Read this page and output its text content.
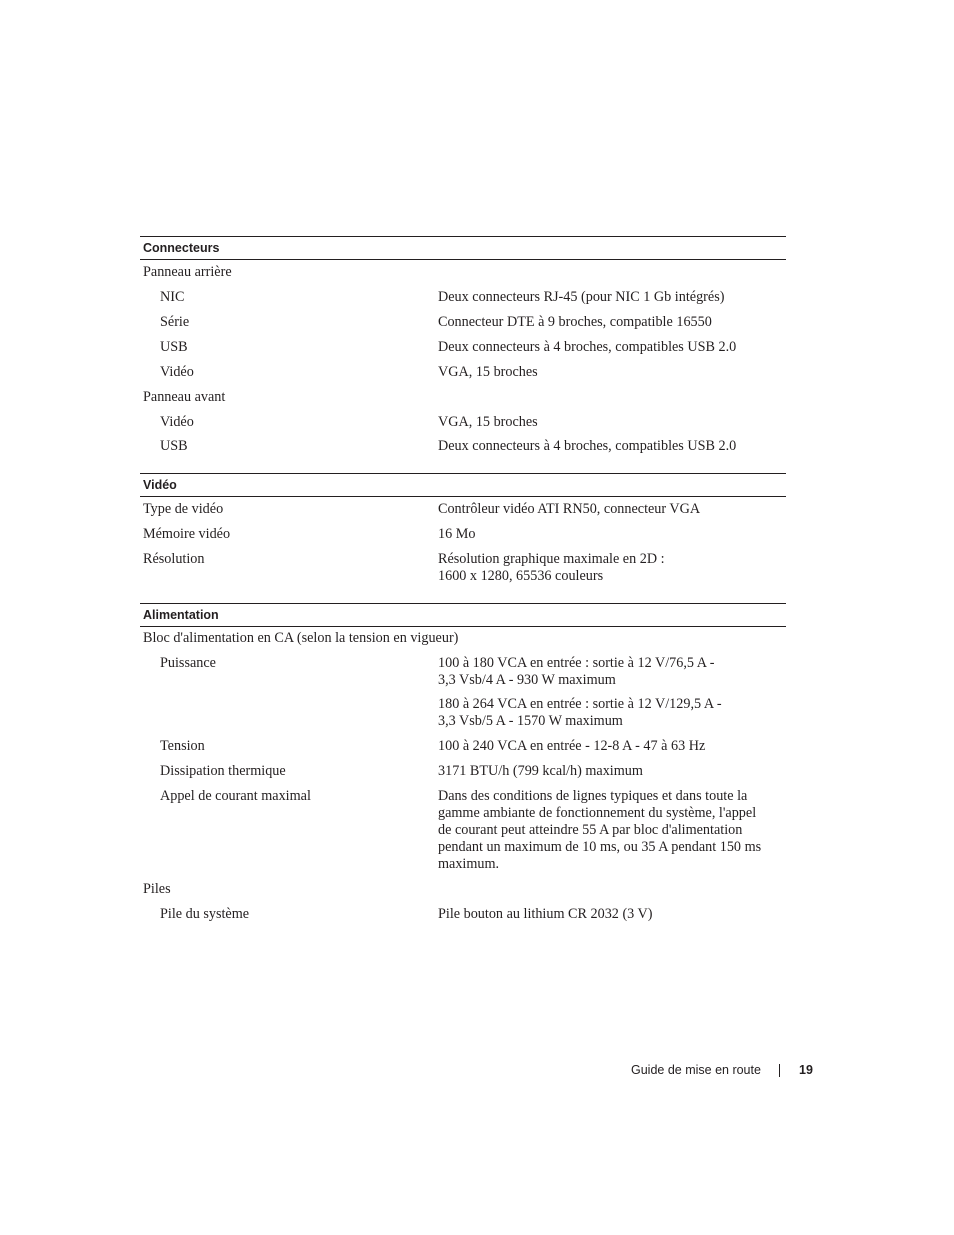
Connecteurs
Panneau arrière
NIC	Deux connecteurs RJ-45 (pour NIC 1 Gb intégrés)
Série	Connecteur DTE à 9 broches, compatible 16550
USB	Deux connecteurs à 4 broches, compatibles USB 2.0
Vidéo	VGA, 15 broches
Panneau avant
Vidéo	VGA, 15 broches
USB	Deux connecteurs à 4 broches, compatibles USB 2.0
Vidéo
Type de vidéo	Contrôleur vidéo ATI RN50, connecteur VGA
Mémoire vidéo	16 Mo
Résolution	Résolution graphique maximale en 2D :
1600 x 1280, 65536 couleurs
Alimentation
Bloc d'alimentation en CA (selon la tension en vigueur)
Puissance	100 à 180 VCA en entrée : sortie à 12 V/76,5 A -
3,3 Vsb/4 A - 930 W maximum
180 à 264 VCA en entrée : sortie à 12 V/129,5 A -
3,3 Vsb/5 A - 1570 W maximum
Tension	100 à 240 VCA en entrée - 12-8 A - 47 à 63 Hz
Dissipation thermique	3171 BTU/h (799 kcal/h) maximum
Appel de courant maximal	Dans des conditions de lignes typiques et dans toute la
gamme ambiante de fonctionnement du système, l'appel
de courant peut atteindre 55 A par bloc d'alimentation
pendant un maximum de 10 ms, ou 35 A pendant 150 ms
maximum.
Piles
Pile du système	Pile bouton au lithium CR 2032 (3 V)
Guide de mise en route	19
